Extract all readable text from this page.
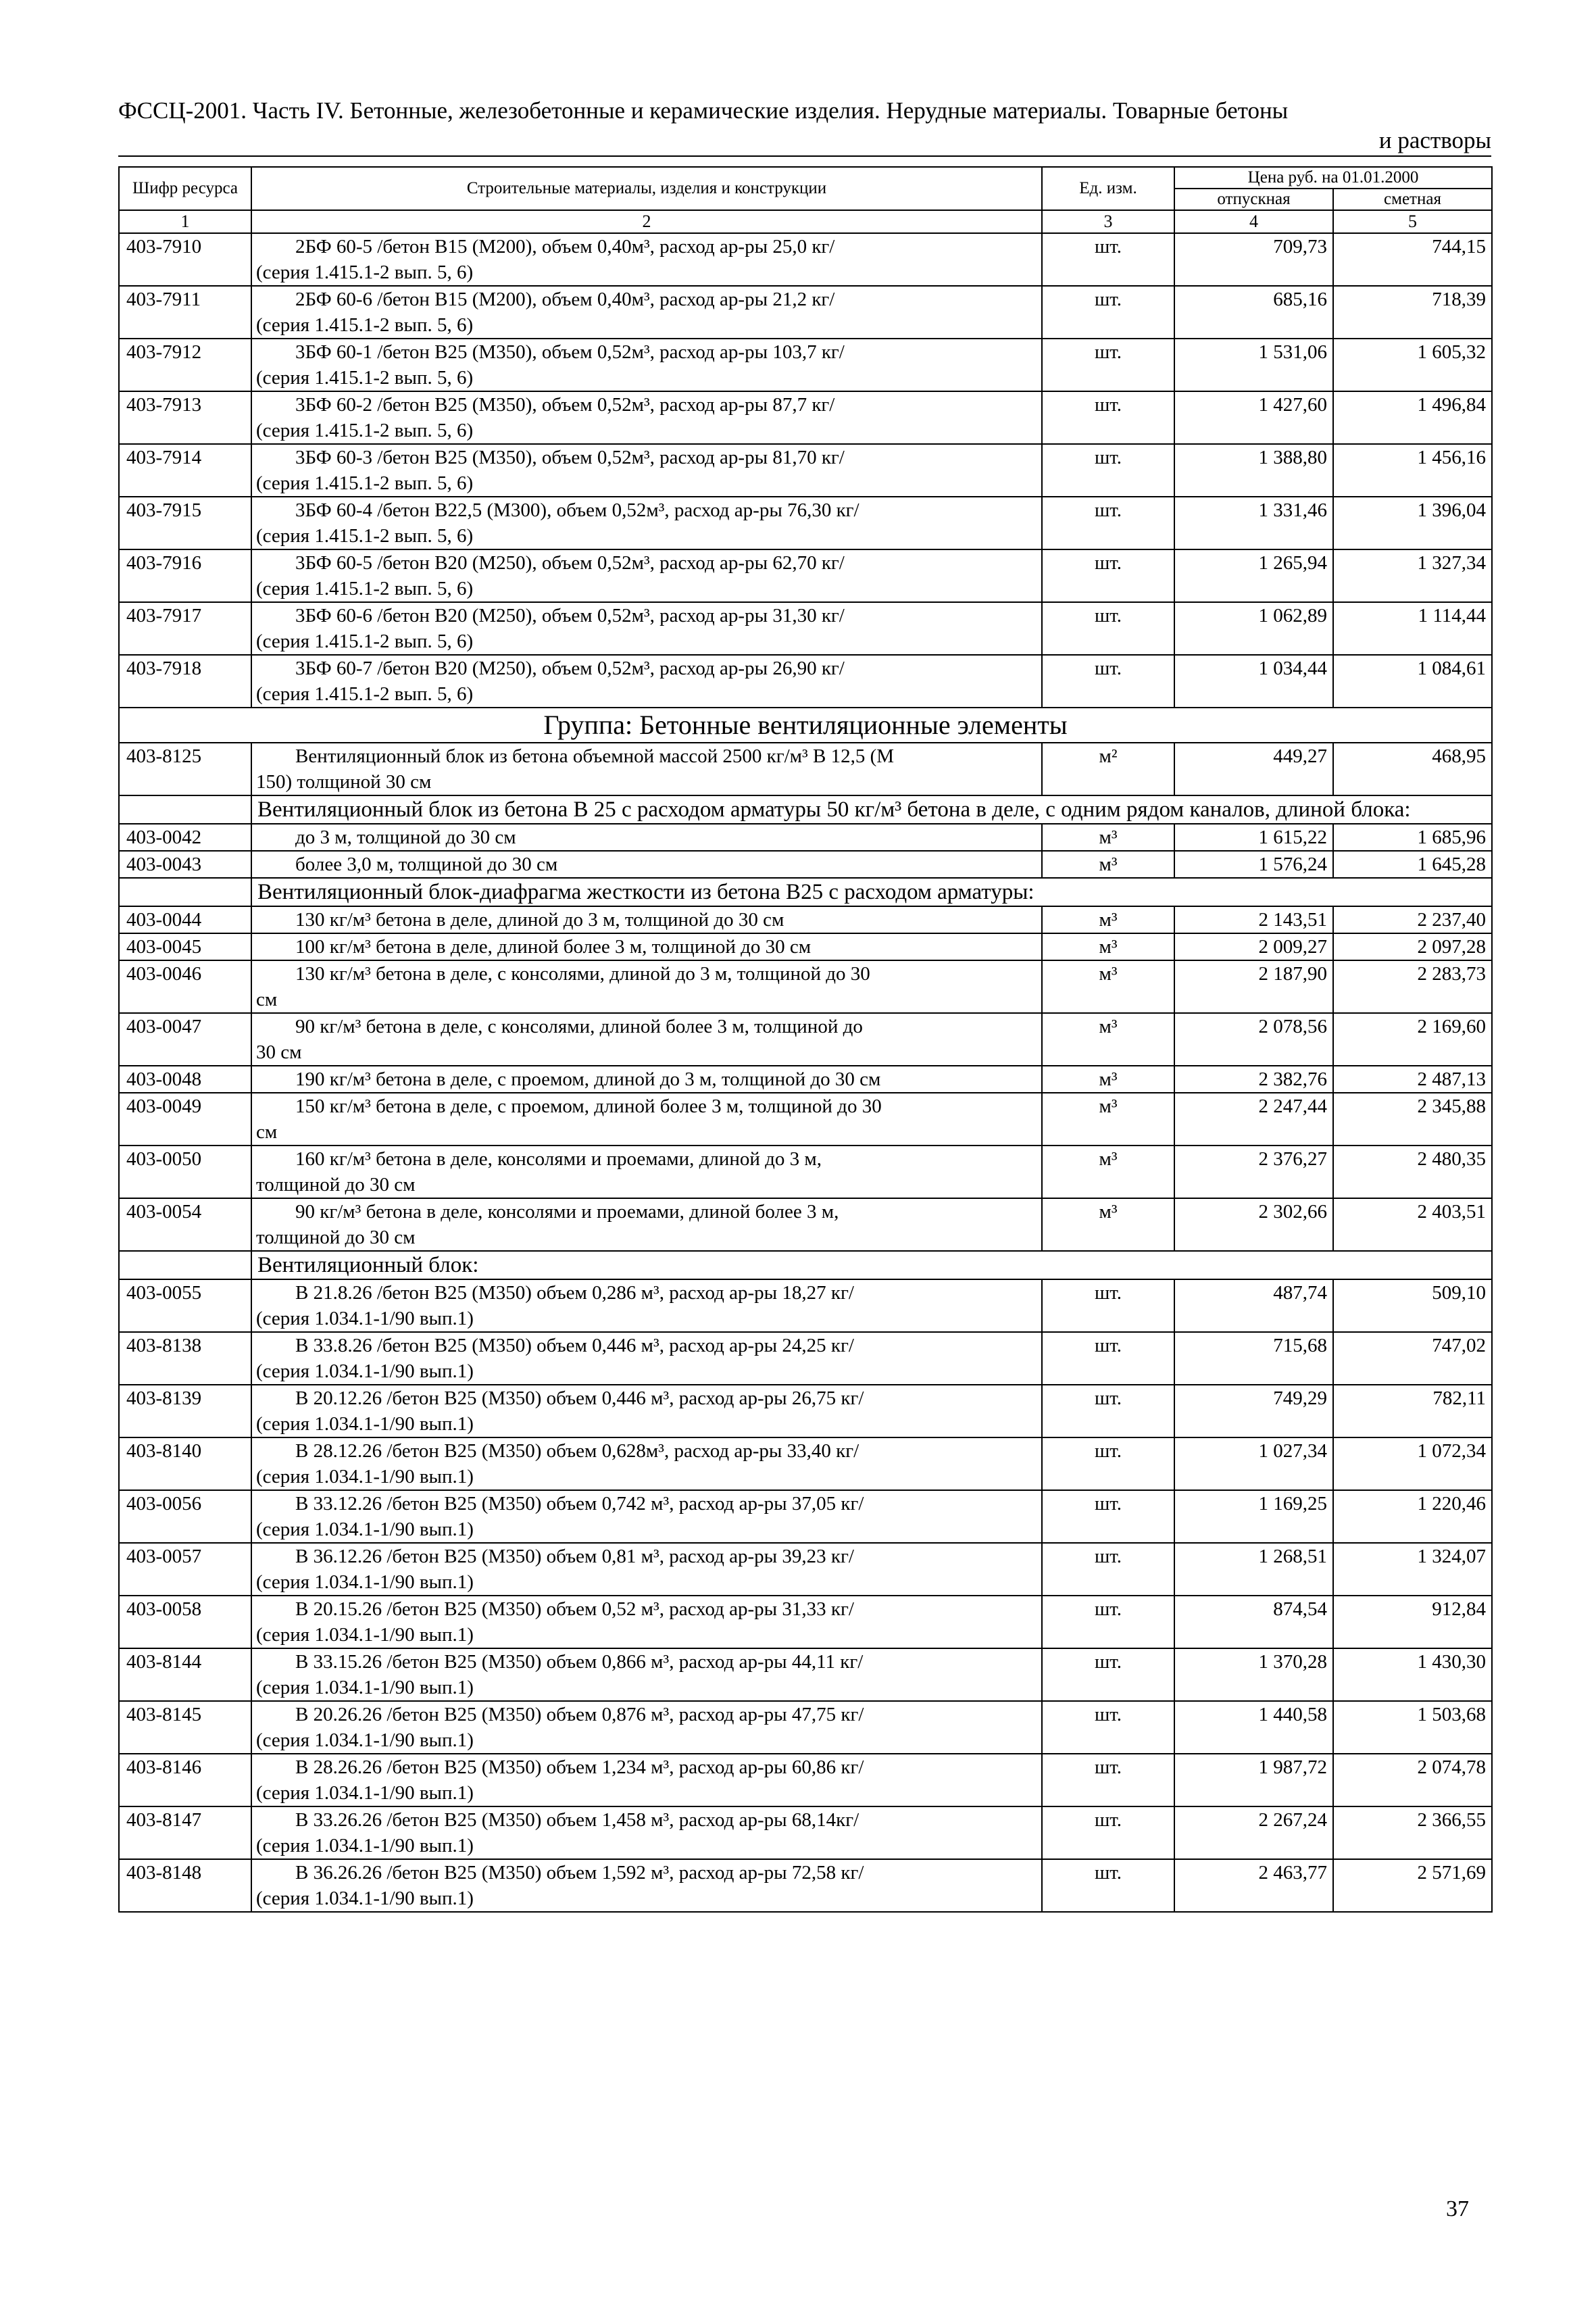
ФССЦ-2001. Часть IV. Бетонные, железобетонные и керамические изделия. Нерудные материалы. Товарные бетоны
и растворы
Шифр ресурса	Строительные материалы, изделия и конструкции	Ед. изм.	Цена руб. на 01.01.2000	
			отпускная	сметная
1	2	3	4	5
403-7910	2БФ 60-5 /бетон В15 (М200), объем 0,40м³, расход ар-ры 25,0 кг/
(серия 1.415.1-2 вып. 5, 6)	шт.	709,73	744,15
403-7911	2БФ 60-6 /бетон В15 (М200), объем 0,40м³, расход ар-ры 21,2 кг/
(серия 1.415.1-2 вып. 5, 6)	шт.	685,16	718,39
403-7912	3БФ 60-1 /бетон В25 (М350), объем 0,52м³, расход ар-ры 103,7 кг/
(серия 1.415.1-2 вып. 5, 6)	шт.	1 531,06	1 605,32
403-7913	3БФ 60-2 /бетон В25 (М350), объем 0,52м³, расход ар-ры 87,7 кг/
(серия 1.415.1-2 вып. 5, 6)	шт.	1 427,60	1 496,84
403-7914	3БФ 60-3 /бетон В25 (М350), объем 0,52м³, расход ар-ры 81,70 кг/
(серия 1.415.1-2 вып. 5, 6)	шт.	1 388,80	1 456,16
403-7915	3БФ 60-4 /бетон В22,5 (М300), объем 0,52м³, расход ар-ры 76,30 кг/
(серия 1.415.1-2 вып. 5, 6)	шт.	1 331,46	1 396,04
403-7916	3БФ 60-5 /бетон В20 (М250), объем 0,52м³, расход ар-ры 62,70 кг/
(серия 1.415.1-2 вып. 5, 6)	шт.	1 265,94	1 327,34
403-7917	3БФ 60-6 /бетон В20 (М250), объем 0,52м³, расход ар-ры 31,30 кг/
(серия 1.415.1-2 вып. 5, 6)	шт.	1 062,89	1 114,44
403-7918	3БФ 60-7 /бетон В20 (М250), объем 0,52м³, расход ар-ры 26,90 кг/
(серия 1.415.1-2 вып. 5, 6)	шт.	1 034,44	1 084,61
Группа: Бетонные вентиляционные элементы				
403-8125	Вентиляционный блок из бетона объемной массой 2500 кг/м³ В 12,5 (М
150) толщиной 30 см	м²	449,27	468,95
	Вентиляционный блок из бетона В 25 с расходом арматуры 50 кг/м³ бетона в деле, с одним рядом каналов, длиной блока:			
403-0042	до 3 м, толщиной до 30 см	м³	1 615,22	1 685,96
403-0043	более 3,0 м, толщиной до 30 см	м³	1 576,24	1 645,28
	Вентиляционный блок-диафрагма жесткости из бетона В25 с расходом арматуры:			
403-0044	130 кг/м³ бетона в деле, длиной до 3 м, толщиной до 30 см	м³	2 143,51	2 237,40
403-0045	100 кг/м³ бетона в деле, длиной более 3 м, толщиной до 30 см	м³	2 009,27	2 097,28
403-0046	130 кг/м³ бетона в деле, с консолями, длиной до 3 м, толщиной до 30
см	м³	2 187,90	2 283,73
403-0047	90 кг/м³ бетона в деле, с консолями, длиной более 3 м, толщиной до
30 см	м³	2 078,56	2 169,60
403-0048	190 кг/м³ бетона в деле, с проемом, длиной до 3 м, толщиной до 30 см	м³	2 382,76	2 487,13
403-0049	150 кг/м³ бетона в деле, с проемом, длиной более 3 м, толщиной до 30
см	м³	2 247,44	2 345,88
403-0050	160 кг/м³ бетона в деле, консолями и проемами, длиной до 3 м,
толщиной до 30 см	м³	2 376,27	2 480,35
403-0054	90 кг/м³ бетона в деле, консолями и проемами, длиной более 3 м,
толщиной до 30 см	м³	2 302,66	2 403,51
	Вентиляционный блок:			
403-0055	В 21.8.26 /бетон В25 (М350) объем 0,286 м³, расход ар-ры 18,27 кг/
(серия 1.034.1-1/90 вып.1)	шт.	487,74	509,10
403-8138	В 33.8.26 /бетон В25 (М350) объем 0,446 м³, расход ар-ры 24,25 кг/
(серия 1.034.1-1/90 вып.1)	шт.	715,68	747,02
403-8139	В 20.12.26 /бетон В25 (М350) объем 0,446 м³, расход ар-ры 26,75 кг/
(серия 1.034.1-1/90 вып.1)	шт.	749,29	782,11
403-8140	В 28.12.26 /бетон В25 (М350) объем 0,628м³, расход ар-ры 33,40 кг/
(серия 1.034.1-1/90 вып.1)	шт.	1 027,34	1 072,34
403-0056	В 33.12.26 /бетон В25 (М350) объем 0,742 м³, расход ар-ры 37,05 кг/
(серия 1.034.1-1/90 вып.1)	шт.	1 169,25	1 220,46
403-0057	В 36.12.26 /бетон В25 (М350) объем 0,81 м³, расход ар-ры 39,23 кг/
(серия 1.034.1-1/90 вып.1)	шт.	1 268,51	1 324,07
403-0058	В 20.15.26 /бетон В25 (М350) объем 0,52 м³, расход ар-ры 31,33 кг/
(серия 1.034.1-1/90 вып.1)	шт.	874,54	912,84
403-8144	В 33.15.26 /бетон В25 (М350) объем 0,866 м³, расход ар-ры 44,11 кг/
(серия 1.034.1-1/90 вып.1)	шт.	1 370,28	1 430,30
403-8145	В 20.26.26 /бетон В25 (М350) объем 0,876 м³, расход ар-ры 47,75 кг/
(серия 1.034.1-1/90 вып.1)	шт.	1 440,58	1 503,68
403-8146	В 28.26.26 /бетон В25 (М350) объем 1,234 м³, расход ар-ры 60,86 кг/
(серия 1.034.1-1/90 вып.1)	шт.	1 987,72	2 074,78
403-8147	В 33.26.26 /бетон В25 (М350) объем 1,458 м³, расход ар-ры 68,14кг/
(серия 1.034.1-1/90 вып.1)	шт.	2 267,24	2 366,55
403-8148	В 36.26.26 /бетон В25 (М350) объем 1,592 м³, расход ар-ры 72,58 кг/
(серия 1.034.1-1/90 вып.1)	шт.	2 463,77	2 571,69
37
